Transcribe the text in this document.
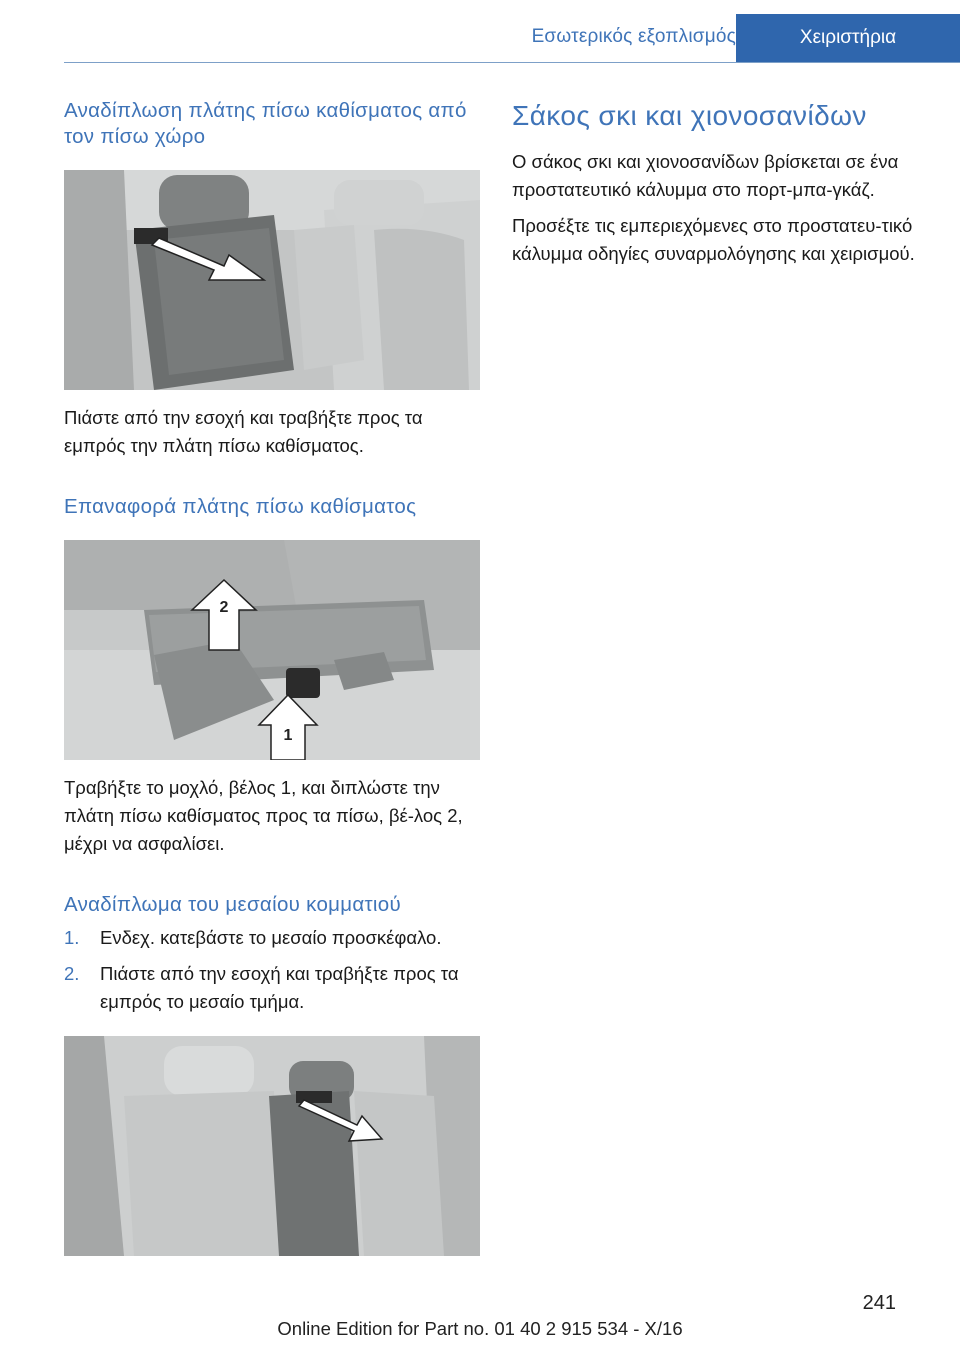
Εσωτερικός εξοπλισμός	Χειριστήρια
Αναδίπλωση πλάτης πίσω καθίσματος από τον πίσω χώρο

Πιάστε από την εσοχή και τραβήξτε προς τα εμπρός την πλάτη πίσω καθίσματος.

Επαναφορά πλάτης πίσω καθίσματος
2
1

Τραβήξτε το μοχλό, βέλος 1, και διπλώστε την πλάτη πίσω καθίσματος προς τα πίσω, βέ‐λος 2, μέχρι να ασφαλίσει.

Αναδίπλωμα του μεσαίου κομματιού
1.	Ενδεχ. κατεβάστε το μεσαίο προσκέφαλο.
2.	Πιάστε από την εσοχή και τραβήξτε προς τα εμπρός το μεσαίο τμήμα.
Σάκος σκι και χιονοσανίδων

Ο σάκος σκι και χιονοσανίδων βρίσκεται σε ένα προστατευτικό κάλυμμα στο πορτ-μπα‐γκάζ.

Προσέξτε τις εμπεριεχόμενες στο προστατευ‐τικό κάλυμμα οδηγίες συναρμολόγησης και χειρισμού.

241
Online Edition for Part no. 01 40 2 915 534 - X/16
